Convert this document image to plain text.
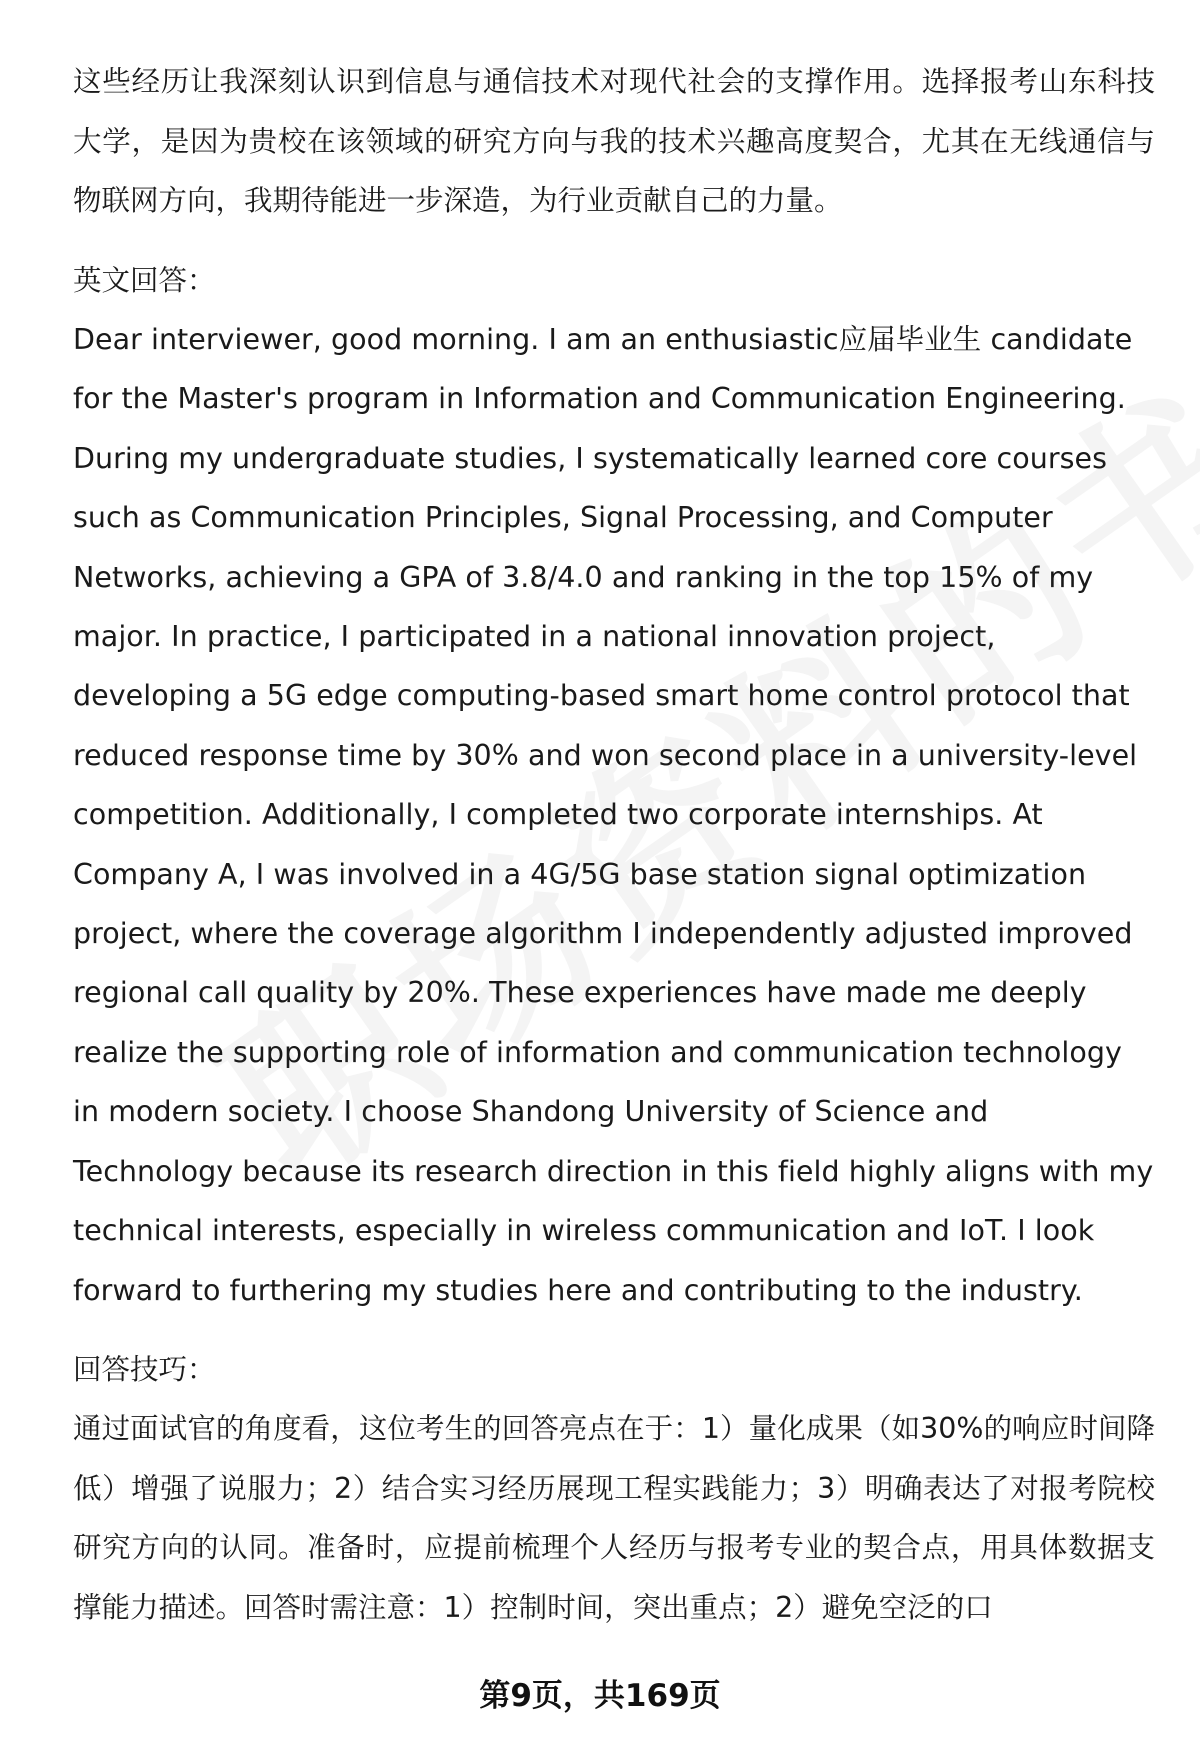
这些经历让我深刻认识到信息与通信技术对现代社会的支撑作用。选择报考山东科技大学，是因为贵校在该领域的研究方向与我的技术兴趣高度契合，尤其在无线通信与物联网方向，我期待能进一步深造，为行业贡献自己的力量。

英文回答：

Dear interviewer, good morning. I am an enthusiastic应届毕业生 candidate for the Master's program in Information and Communication Engineering. During my undergraduate studies, I systematically learned core courses such as Communication Principles, Signal Processing, and Computer Networks, achieving a GPA of 3.8/4.0 and ranking in the top 15% of my major. In practice, I participated in a national innovation project, developing a 5G edge computing-based smart home control protocol that reduced response time by 30% and won second place in a university-level competition. Additionally, I completed two corporate internships. At Company A, I was involved in a 4G/5G base station signal optimization project, where the coverage algorithm I independently adjusted improved regional call quality by 20%. These experiences have made me deeply realize the supporting role of information and communication technology in modern society. I choose Shandong University of Science and Technology because its research direction in this field highly aligns with my technical interests, especially in wireless communication and IoT. I look forward to furthering my studies here and contributing to the industry.

回答技巧：

通过面试官的角度看，这位考生的回答亮点在于：1）量化成果（如30%的响应时间降低）增强了说服力；2）结合实习经历展现工程实践能力；3）明确表达了对报考院校研究方向的认同。准备时，应提前梳理个人经历与报考专业的契合点，用具体数据支撑能力描述。回答时需注意：1）控制时间，突出重点；2）避免空泛的口

第9页，共169页
